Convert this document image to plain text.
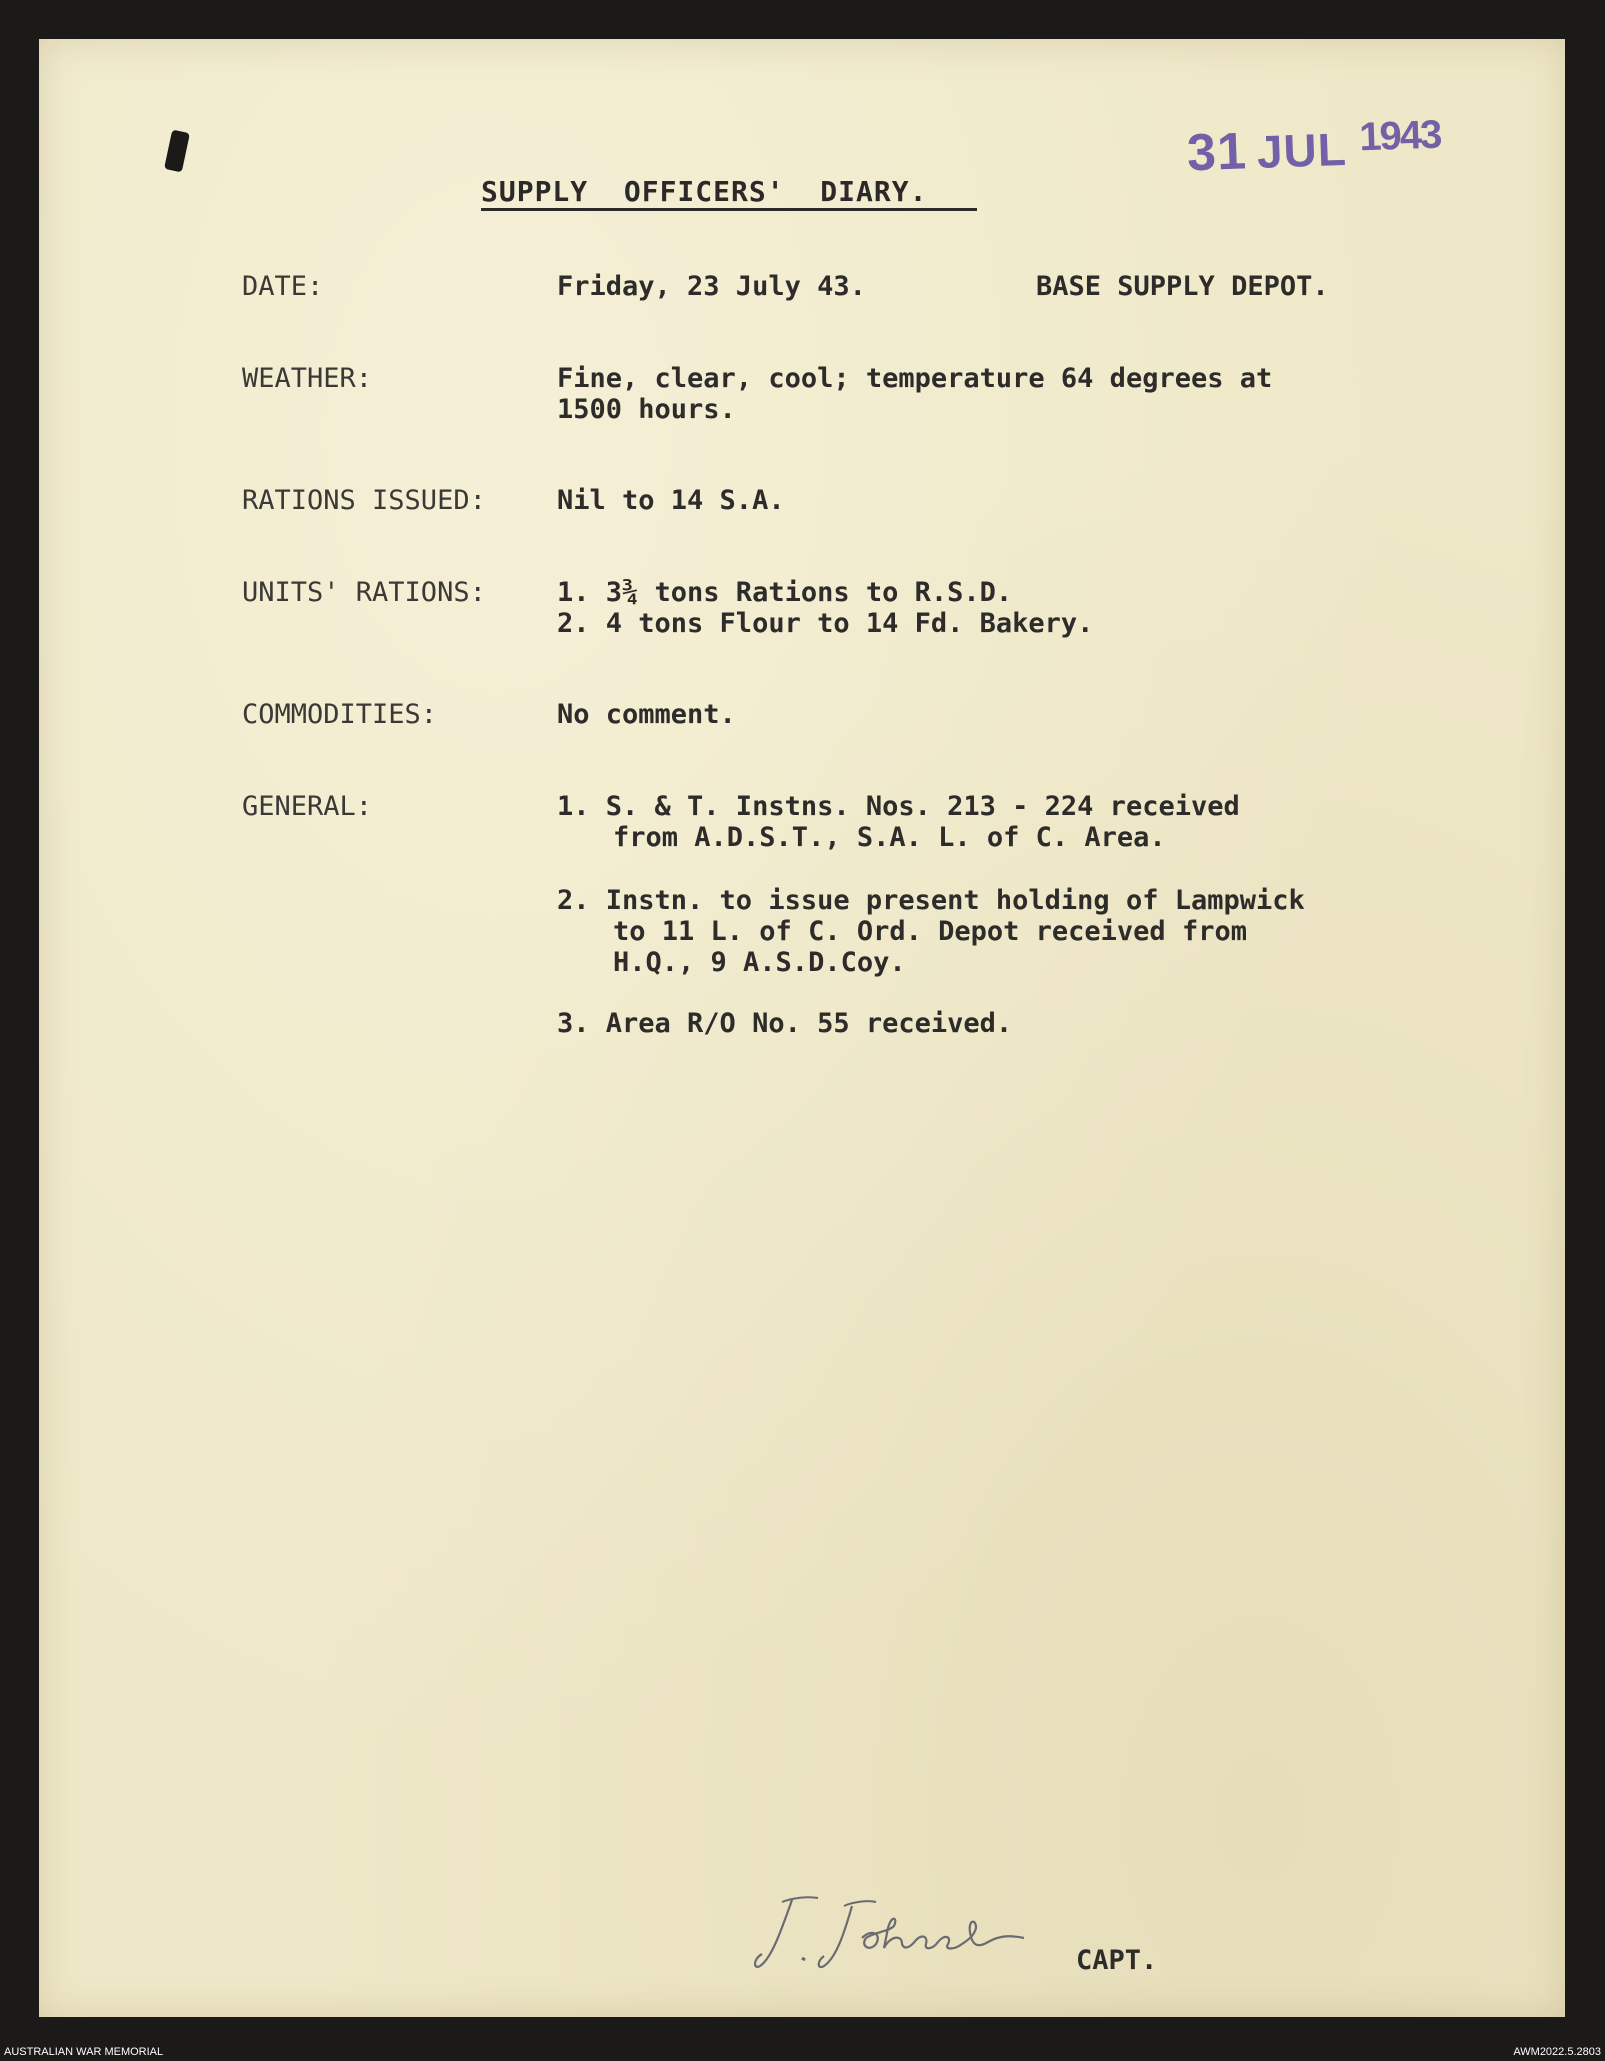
31 JUL 1943
SUPPLY  OFFICERS'  DIARY.
DATE:	Friday, 23 July 43.	BASE SUPPLY DEPOT.
WEATHER:	Fine, clear, cool; temperature 64 degrees at
1500 hours.
RATIONS ISSUED:	Nil to 14 S.A.
UNITS' RATIONS:	1. 3¾ tons Rations to R.S.D.
2. 4 tons Flour to 14 Fd. Bakery.
COMMODITIES:	No comment.
GENERAL:	1. S. & T. Instns. Nos. 213 - 224 received
from A.D.S.T., S.A. L. of C. Area.
2. Instn. to issue present holding of Lampwick
to 11 L. of C. Ord. Depot received from
H.Q., 9 A.S.D.Coy.
3. Area R/O No. 55 received.
CAPT.
AUSTRALIAN WAR MEMORIAL	AWM2022.5.2803
